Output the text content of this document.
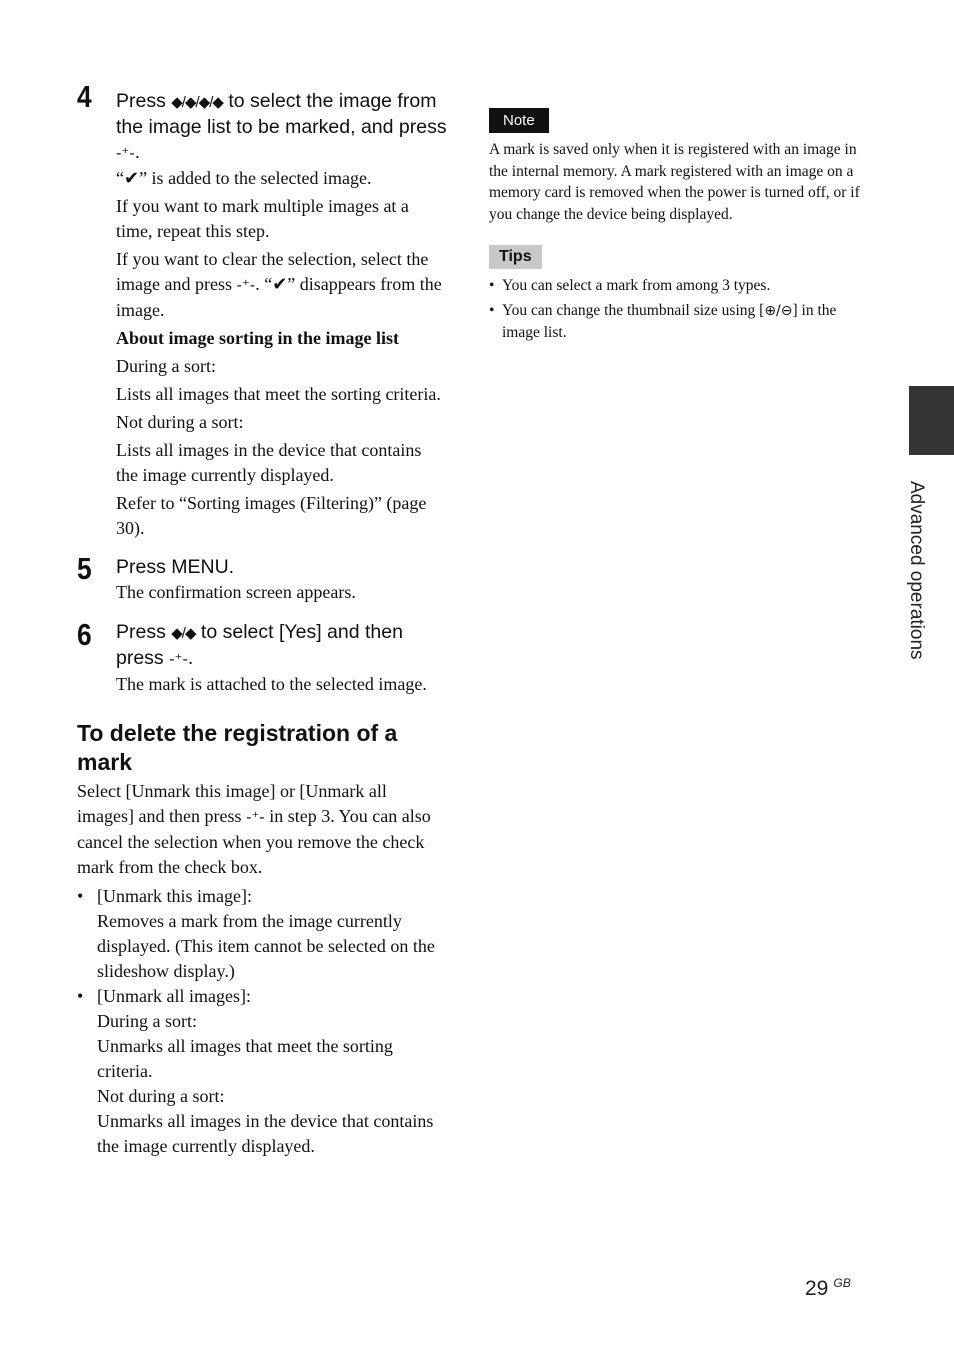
4 Press ◆/◆/◆/◆ to select the image from the image list to be marked, and press -⁺-.

“✔” is added to the selected image.

If you want to mark multiple images at a time, repeat this step.

If you want to clear the selection, select the image and press -⁺-. “✔” disappears from the image.

About image sorting in the image list

During a sort:

Lists all images that meet the sorting criteria.

Not during a sort:

Lists all images in the device that contains the image currently displayed.

Refer to “Sorting images (Filtering)” (page 30).

5 Press MENU.

The confirmation screen appears.

6 Press ◆/◆ to select [Yes] and then press -⁺-.

The mark is attached to the selected image.

To delete the registration of a mark

Select [Unmark this image] or [Unmark all images] and then press -⁺- in step 3. You can also cancel the selection when you remove the check mark from the check box.

• [Unmark this image]:

Removes a mark from the image currently displayed. (This item cannot be selected on the slideshow display.)

• [Unmark all images]:

During a sort:

Unmarks all images that meet the sorting criteria.

Not during a sort:

Unmarks all images in the device that contains the image currently displayed.

Note

A mark is saved only when it is registered with an image in the internal memory. A mark registered with an image on a memory card is removed when the power is turned off, or if you change the device being displayed.

Tips
• You can select a mark from among 3 types.
• You can change the thumbnail size using [⊕/⊖] in the image list.
Advanced operations
29 $^{GB}$
